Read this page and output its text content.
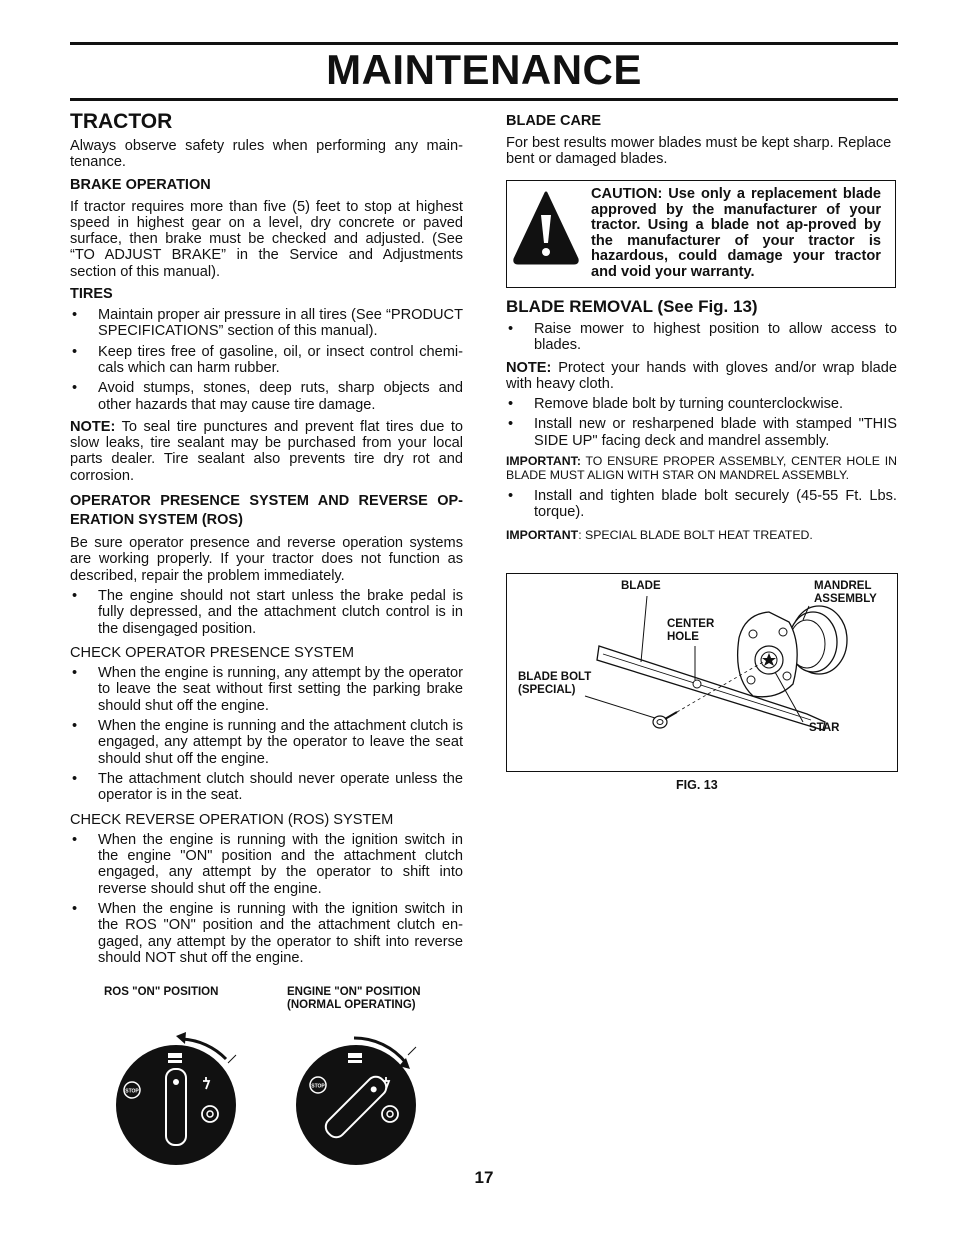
MAINTENANCE

TRACTOR

Always observe safety rules when performing any main-tenance.

BRAKE OPERATION

If tractor requires more than five (5) feet to stop at highest speed in highest gear on a level, dry concrete or paved surface, then brake must be checked and adjusted. (See “TO ADJUST BRAKE” in the Service and Adjustments section of this manual).

TIRES

• Maintain proper air pressure in all tires (See “PRODUCT SPECIFICATIONS” section of this manual).
• Keep tires free of gasoline, oil, or insect control chemi-cals which can harm rubber.
• Avoid stumps, stones, deep ruts, sharp objects and other hazards that may cause tire damage.

NOTE: To seal tire punctures and prevent flat tires due to slow leaks, tire sealant may be purchased from your local parts dealer. Tire sealant also prevents tire dry rot and corrosion.

OPERATOR PRESENCE SYSTEM AND REVERSE OP-ERATION SYSTEM (ROS)

Be sure operator presence and reverse operation systems are working properly. If your tractor does not function as described, repair the problem immediately.

• The engine should not start unless the brake pedal is fully depressed, and the attachment clutch control is in the disengaged position.

CHECK OPERATOR PRESENCE SYSTEM

• When the engine is running, any attempt by the operator to leave the seat without first setting the parking brake should shut off the engine.
• When the engine is running and the attachment clutch is engaged, any attempt by the operator to leave the seat should shut off the engine.
• The attachment clutch should never operate unless the operator is in the seat.

CHECK REVERSE OPERATION (ROS) SYSTEM

• When the engine is running with the ignition switch in the engine "ON" position and the attachment clutch engaged, any attempt by the operator to shift into reverse should shut off the engine.
• When the engine is running with the ignition switch in the ROS "ON" position and the attachment clutch en-gaged, any attempt by the operator to shift into reverse should NOT shut off the engine.
ROS "ON" POSITION	ENGINE "ON" POSITION
(NORMAL OPERATING)
STOP
STOP

BLADE CARE

For best results mower blades must be kept sharp. Replace bent or damaged blades.

CAUTION: Use only a replacement blade approved by the manufacturer of your tractor. Using a blade not ap-proved by the manufacturer of your tractor is hazardous, could damage your tractor and void your warranty.

BLADE REMOVAL (See Fig. 13)

• Raise mower to highest position to allow access to blades.

NOTE: Protect your hands with gloves and/or wrap blade with heavy cloth.

• Remove blade bolt by turning counterclockwise.
• Install new or resharpened blade with stamped "THIS SIDE UP" facing deck and mandrel assembly.

IMPORTANT: TO ENSURE PROPER ASSEMBLY, CENTER HOLE IN BLADE MUST ALIGN WITH STAR ON MANDREL ASSEMBLY.

• Install and tighten blade bolt securely (45-55 Ft. Lbs. torque).

IMPORTANT: SPECIAL BLADE BOLT HEAT TREATED.

BLADE	MANDREL
ASSEMBLY
CENTER
HOLE
BLADE BOLT
(SPECIAL)
STAR
FIG. 13
17
